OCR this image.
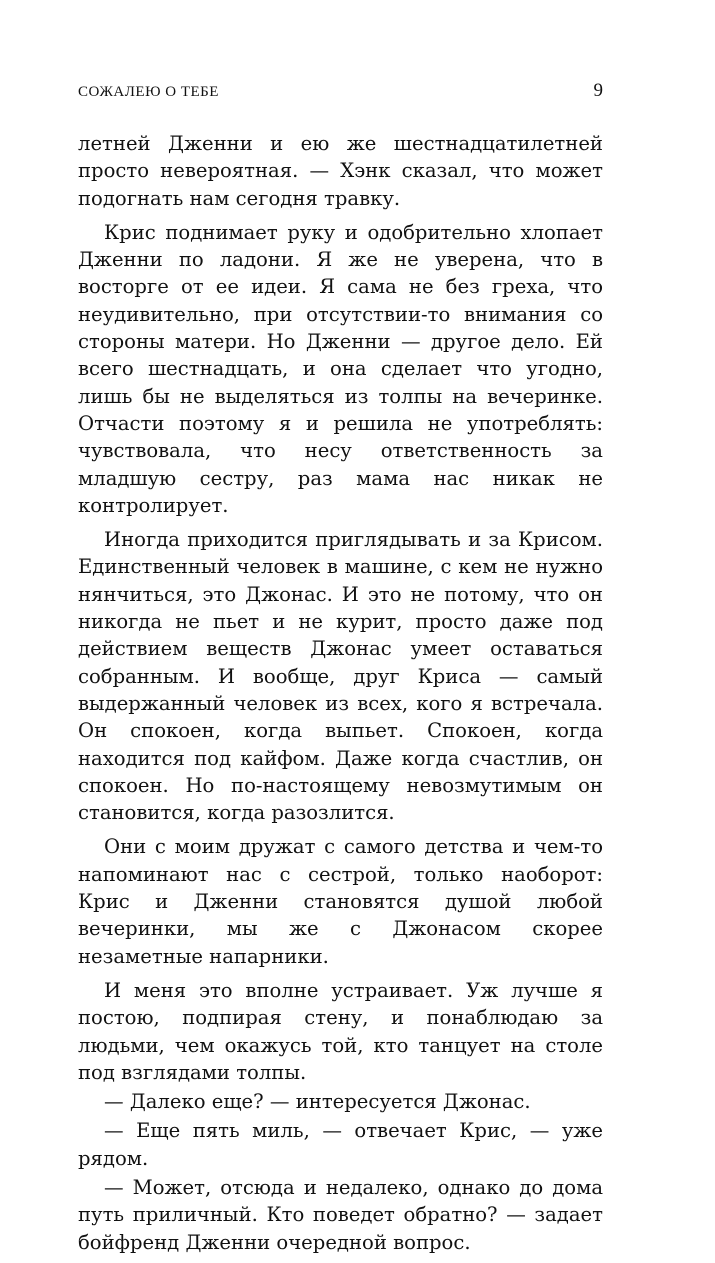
СОЖАЛЕЮ О ТЕБЕ	9

летней Дженни и ею же шестнадцатилетней просто невероятная. — Хэнк сказал, что может подогнать нам сегодня травку.

Крис поднимает руку и одобрительно хлопает Дженни по ладони. Я же не уверена, что в восторге от ее идеи. Я сама не без греха, что неудивительно, при отсутствии-то внимания со стороны матери. Но Дженни — другое дело. Ей всего шестнадцать, и она сделает что угодно, лишь бы не выделяться из толпы на вечеринке. Отчасти поэтому я и решила не употреблять: чувствовала, что несу ответственность за младшую сестру, раз мама нас никак не контролирует.

Иногда приходится приглядывать и за Крисом. Единственный человек в машине, с кем не нужно нянчиться, это Джонас. И это не потому, что он никогда не пьет и не курит, просто даже под действием веществ Джонас умеет оставаться собранным. И вообще, друг Криса — самый выдержанный человек из всех, кого я встречала. Он спокоен, когда выпьет. Спокоен, когда находится под кайфом. Даже когда счастлив, он спокоен. Но по-настоящему невозмутимым он становится, когда разозлится.

Они с моим дружат с самого детства и чем-то напоминают нас с сестрой, только наоборот: Крис и Дженни становятся душой любой вечеринки, мы же с Джонасом скорее незаметные напарники.

И меня это вполне устраивает. Уж лучше я постою, подпирая стену, и понаблюдаю за людьми, чем окажусь той, кто танцует на столе под взглядами толпы.

— Далеко еще? — интересуется Джонас.

— Еще пять миль, — отвечает Крис, — уже рядом.

— Может, отсюда и недалеко, однако до дома путь приличный. Кто поведет обратно? — задает бойфренд Дженни очередной вопрос.
